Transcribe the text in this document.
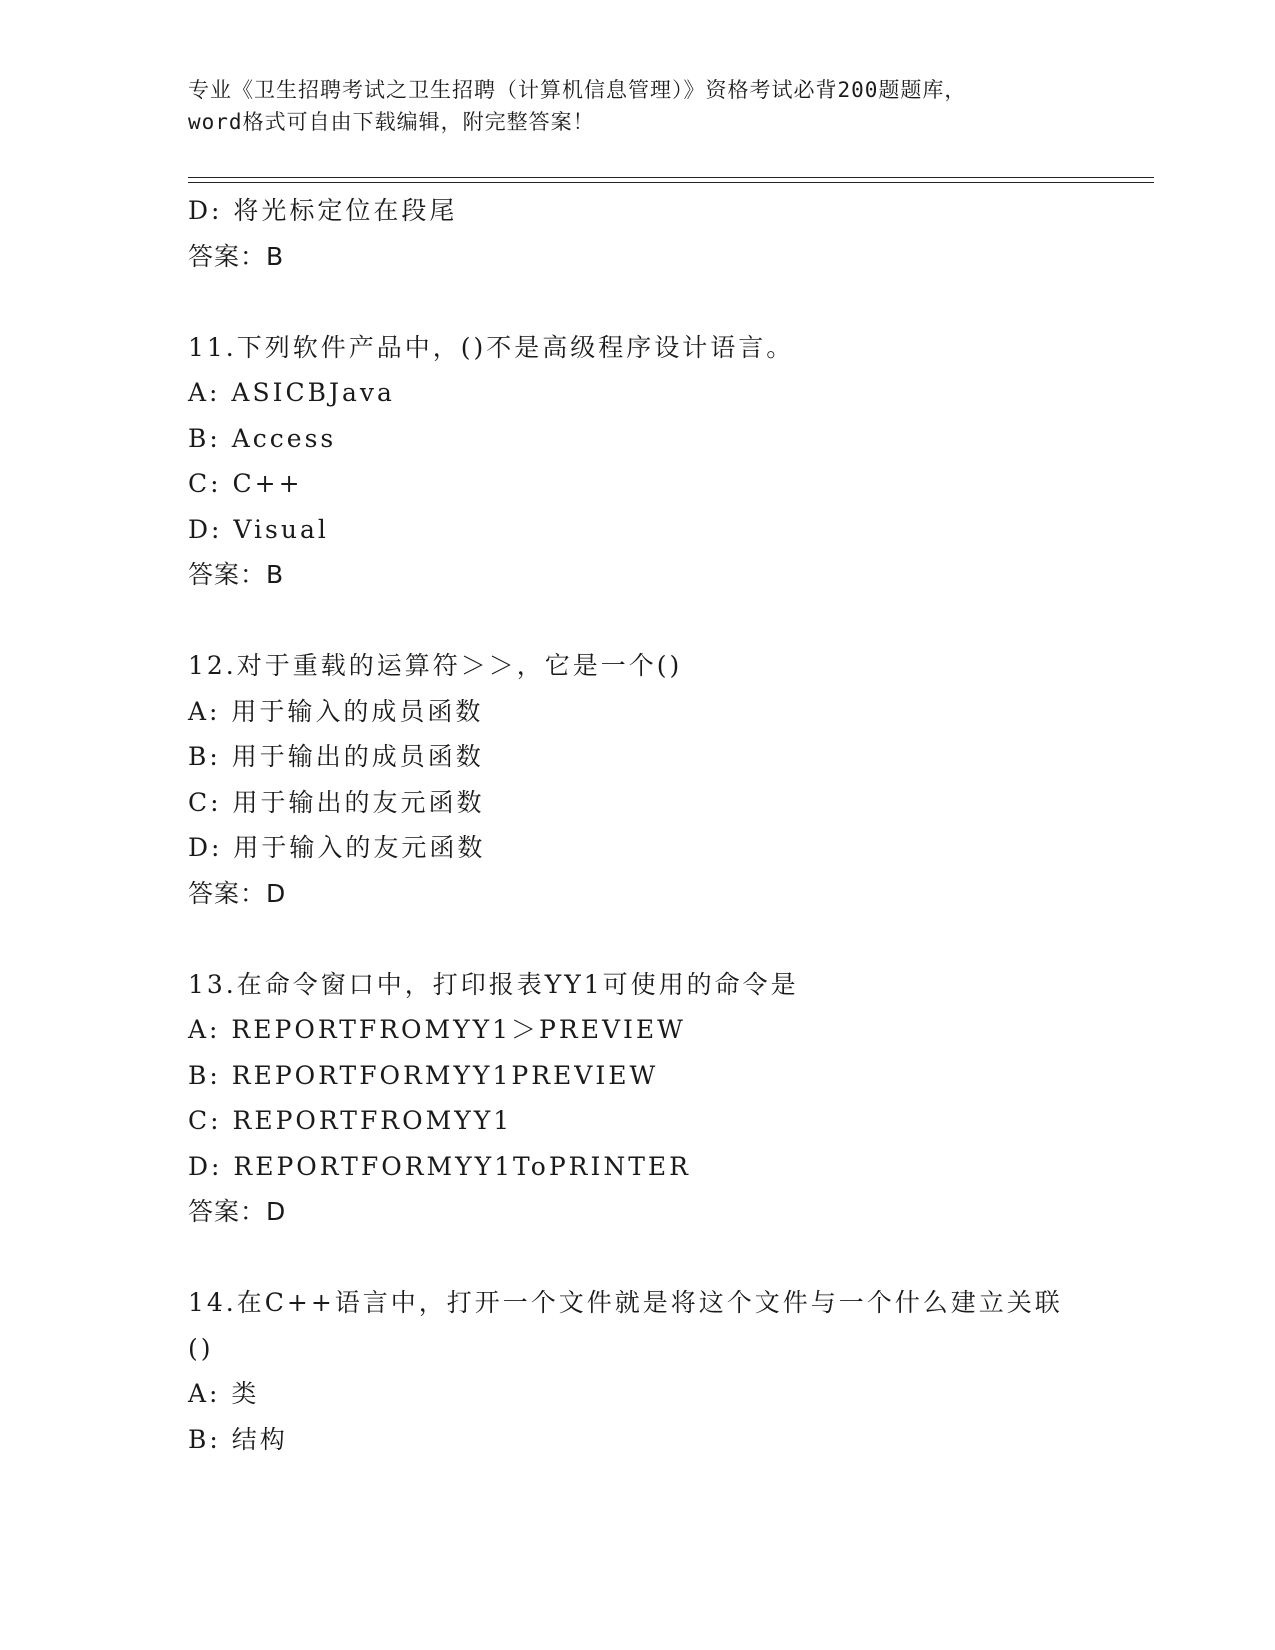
专业《卫生招聘考试之卫生招聘（计算机信息管理）》资格考试必背200题题库，
word格式可自由下载编辑，附完整答案！
D: 将光标定位在段尾
答案：B
11.下列软件产品中，()不是高级程序设计语言。
A: ASICBJava
B: Access
C: C++
D: Visual
答案：B
12.对于重载的运算符＞＞，它是一个()
A: 用于输入的成员函数
B: 用于输出的成员函数
C: 用于输出的友元函数
D: 用于输入的友元函数
答案：D
13.在命令窗口中，打印报表YY1可使用的命令是
A: REPORTFROMYY1＞PREVIEW
B: REPORTFORMYY1PREVIEW
C: REPORTFROMYY1
D: REPORTFORMYY1ToPRINTER
答案：D
14.在C++语言中，打开一个文件就是将这个文件与一个什么建立关联
()
A: 类
B: 结构
